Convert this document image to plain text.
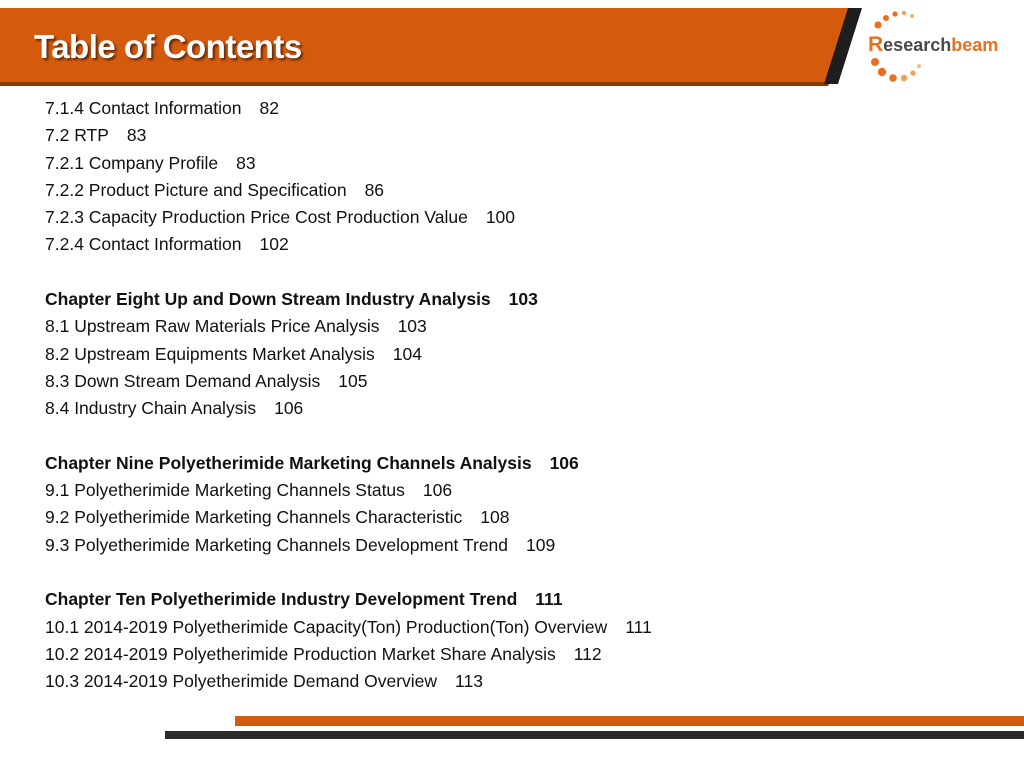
Table of Contents	Researchbeam
7.1.4 Contact Information 82
7.2 RTP 83
7.2.1 Company Profile 83
7.2.2 Product Picture and Specification 86
7.2.3 Capacity Production Price Cost Production Value 100
7.2.4 Contact Information 102
Chapter Eight Up and Down Stream Industry Analysis 103
8.1 Upstream Raw Materials Price Analysis 103
8.2 Upstream Equipments Market Analysis 104
8.3 Down Stream Demand Analysis 105
8.4 Industry Chain Analysis 106
Chapter Nine Polyetherimide Marketing Channels Analysis 106
9.1 Polyetherimide Marketing Channels Status 106
9.2 Polyetherimide Marketing Channels Characteristic 108
9.3 Polyetherimide Marketing Channels Development Trend 109
Chapter Ten Polyetherimide Industry Development Trend 111
10.1 2014-2019 Polyetherimide Capacity(Ton) Production(Ton) Overview 111
10.2 2014-2019 Polyetherimide Production Market Share Analysis 112
10.3 2014-2019 Polyetherimide Demand Overview 113
